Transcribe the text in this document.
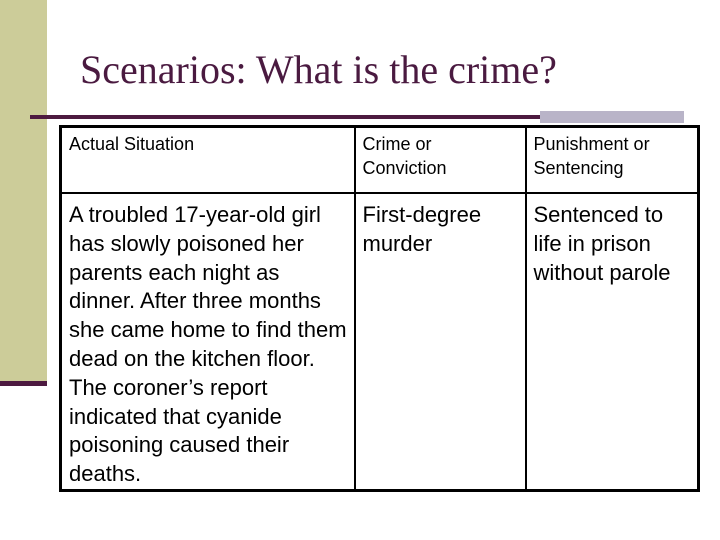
Scenarios: What is the crime?
Actual Situation	Crime or Conviction	Punishment or Sentencing
A troubled 17-year-old girl has slowly poisoned her parents each night as dinner. After three months she came home to find them dead on the kitchen floor. The coroner’s report indicated that cyanide poisoning caused their deaths.	First-degree murder	Sentenced to life in prison without parole
